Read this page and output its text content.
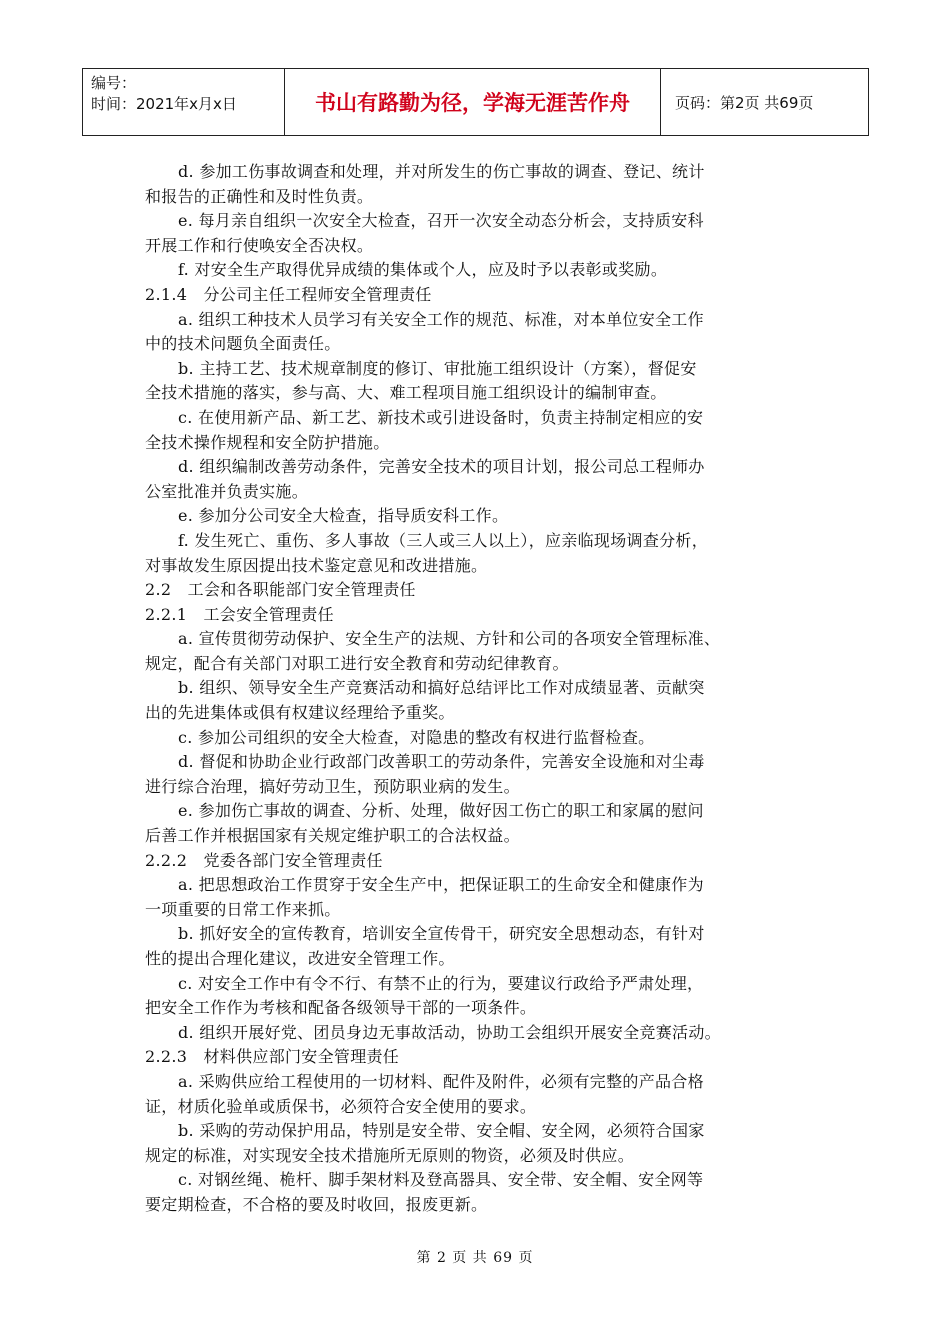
编号：
时间：2021年x月x日	书山有路勤为径，学海无涯苦作舟	页码：第2页 共69页

d. 参加工伤事故调查和处理，并对所发生的伤亡事故的调查、登记、统计

和报告的正确性和及时性负责。

e. 每月亲自组织一次安全大检查，召开一次安全动态分析会，支持质安科

开展工作和行使唤安全否决权。

f. 对安全生产取得优异成绩的集体或个人，应及时予以表彰或奖励。

2.1.4　分公司主任工程师安全管理责任

a. 组织工种技术人员学习有关安全工作的规范、标准，对本单位安全工作

中的技术问题负全面责任。

b. 主持工艺、技术规章制度的修订、审批施工组织设计（方案），督促安

全技术措施的落实，参与高、大、难工程项目施工组织设计的编制审查。

c. 在使用新产品、新工艺、新技术或引进设备时，负责主持制定相应的安

全技术操作规程和安全防护措施。

d. 组织编制改善劳动条件，完善安全技术的项目计划，报公司总工程师办

公室批准并负责实施。

e. 参加分公司安全大检查，指导质安科工作。

f. 发生死亡、重伤、多人事故（三人或三人以上），应亲临现场调查分析，

对事故发生原因提出技术鉴定意见和改进措施。

2.2　工会和各职能部门安全管理责任

2.2.1　工会安全管理责任

a. 宣传贯彻劳动保护、安全生产的法规、方针和公司的各项安全管理标准、

规定，配合有关部门对职工进行安全教育和劳动纪律教育。

b. 组织、领导安全生产竞赛活动和搞好总结评比工作对成绩显著、贡献突

出的先进集体或俱有权建议经理给予重奖。

c. 参加公司组织的安全大检查，对隐患的整改有权进行监督检查。

d. 督促和协助企业行政部门改善职工的劳动条件，完善安全设施和对尘毒

进行综合治理，搞好劳动卫生，预防职业病的发生。

e. 参加伤亡事故的调查、分析、处理，做好因工伤亡的职工和家属的慰问

后善工作并根据国家有关规定维护职工的合法权益。

2.2.2　党委各部门安全管理责任

a. 把思想政治工作贯穿于安全生产中，把保证职工的生命安全和健康作为

一项重要的日常工作来抓。

b. 抓好安全的宣传教育，培训安全宣传骨干，研究安全思想动态，有针对

性的提出合理化建议，改进安全管理工作。

c. 对安全工作中有令不行、有禁不止的行为，要建议行政给予严肃处理，

把安全工作作为考核和配备各级领导干部的一项条件。

d. 组织开展好党、团员身边无事故活动，协助工会组织开展安全竞赛活动。

2.2.3　材料供应部门安全管理责任

a. 采购供应给工程使用的一切材料、配件及附件，必须有完整的产品合格

证，材质化验单或质保书，必须符合安全使用的要求。

b. 采购的劳动保护用品，特别是安全带、安全帽、安全网，必须符合国家

规定的标准，对实现安全技术措施所无原则的物资，必须及时供应。

c. 对钢丝绳、桅杆、脚手架材料及登高器具、安全带、安全帽、安全网等

要定期检查，不合格的要及时收回，报废更新。

第 2 页 共 69 页
